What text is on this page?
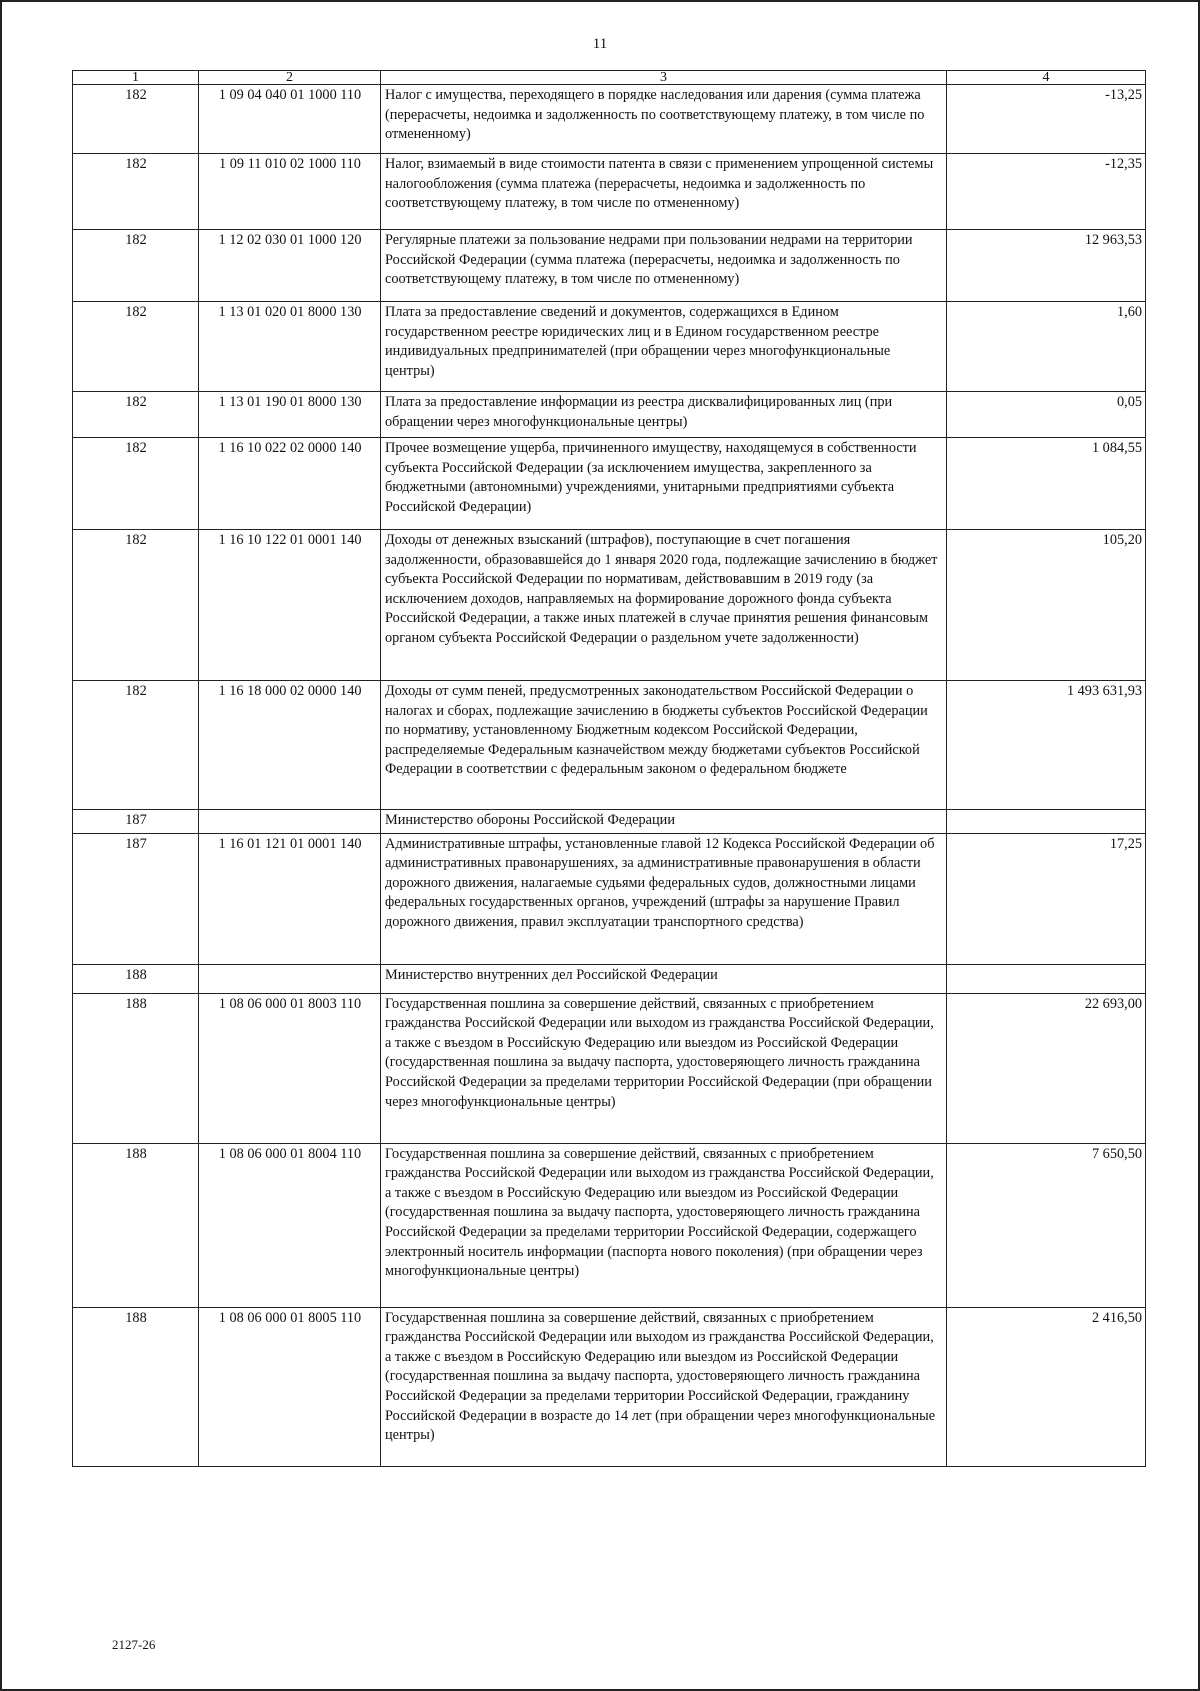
11
1	2	3	4
182	1 09 04 040 01 1000 110	Налог с имущества, переходящего в порядке наследования или дарения (сумма платежа (перерасчеты, недоимка и задолженность по соответствующему платежу, в том числе по отмененному)	-13,25
182	1 09 11 010 02 1000 110	Налог, взимаемый в виде стоимости патента в связи с применением упрощенной системы налогообложения (сумма платежа (перерасчеты, недоимка и задолженность по соответствующему платежу, в том числе по отмененному)	-12,35
182	1 12 02 030 01 1000 120	Регулярные платежи за пользование недрами при пользовании недрами на территории Российской Федерации (сумма платежа (перерасчеты, недоимка и задолженность по соответствующему платежу, в том числе по отмененному)	12 963,53
182	1 13 01 020 01 8000 130	Плата за предоставление сведений и документов, содержащихся в Едином государственном реестре юридических лиц и в Едином государственном реестре индивидуальных предпринимателей (при обращении через многофункциональные центры)	1,60
182	1 13 01 190 01 8000 130	Плата за предоставление информации из реестра дисквалифицированных лиц (при обращении через многофункциональные центры)	0,05
182	1 16 10 022 02 0000 140	Прочее возмещение ущерба, причиненного имуществу, находящемуся в собственности субъекта Российской Федерации (за исключением имущества, закрепленного за бюджетными (автономными) учреждениями, унитарными предприятиями субъекта Российской Федерации)	1 084,55
182	1 16 10 122 01 0001 140	Доходы от денежных взысканий (штрафов), поступающие в счет погашения задолженности, образовавшейся до 1 января 2020 года, подлежащие зачислению в бюджет субъекта Российской Федерации по нормативам, действовавшим в 2019 году (за исключением доходов, направляемых на формирование дорожного фонда субъекта Российской Федерации, а также иных платежей в случае принятия решения финансовым органом субъекта Российской Федерации о раздельном учете задолженности)	105,20
182	1 16 18 000 02 0000 140	Доходы от сумм пеней, предусмотренных законодательством Российской Федерации о налогах и сборах, подлежащие зачислению в бюджеты субъектов Российской Федерации по нормативу, установленному Бюджетным кодексом Российской Федерации, распределяемые Федеральным казначейством между бюджетами субъектов Российской Федерации в соответствии с федеральным законом о федеральном бюджете	1 493 631,93
187		Министерство обороны Российской Федерации	
187	1 16 01 121 01 0001 140	Административные штрафы, установленные главой 12 Кодекса Российской Федерации об административных правонарушениях, за административные правонарушения в области дорожного движения, налагаемые судьями федеральных судов, должностными лицами федеральных государственных органов, учреждений (штрафы за нарушение Правил дорожного движения, правил эксплуатации транспортного средства)	17,25
188		Министерство внутренних дел Российской Федерации	
188	1 08 06 000 01 8003 110	Государственная пошлина за совершение действий, связанных с приобретением гражданства Российской Федерации или выходом из гражданства Российской Федерации, а также с въездом в Российскую Федерацию или выездом из Российской Федерации (государственная пошлина за выдачу паспорта, удостоверяющего личность гражданина Российской Федерации за пределами территории Российской Федерации (при обращении через многофункциональные центры)	22 693,00
188	1 08 06 000 01 8004 110	Государственная пошлина за совершение действий, связанных с приобретением гражданства Российской Федерации или выходом из гражданства Российской Федерации, а также с въездом в Российскую Федерацию или выездом из Российской Федерации (государственная пошлина за выдачу паспорта, удостоверяющего личность гражданина Российской Федерации за пределами территории Российской Федерации, содержащего электронный носитель информации (паспорта нового поколения) (при обращении через многофункциональные центры)	7 650,50
188	1 08 06 000 01 8005 110	Государственная пошлина за совершение действий, связанных с приобретением гражданства Российской Федерации или выходом из гражданства Российской Федерации, а также с въездом в Российскую Федерацию или выездом из Российской Федерации (государственная пошлина за выдачу паспорта, удостоверяющего личность гражданина Российской Федерации за пределами территории Российской Федерации, гражданину Российской Федерации в возрасте до 14 лет (при обращении через многофункциональные центры)	2 416,50
2127-26
